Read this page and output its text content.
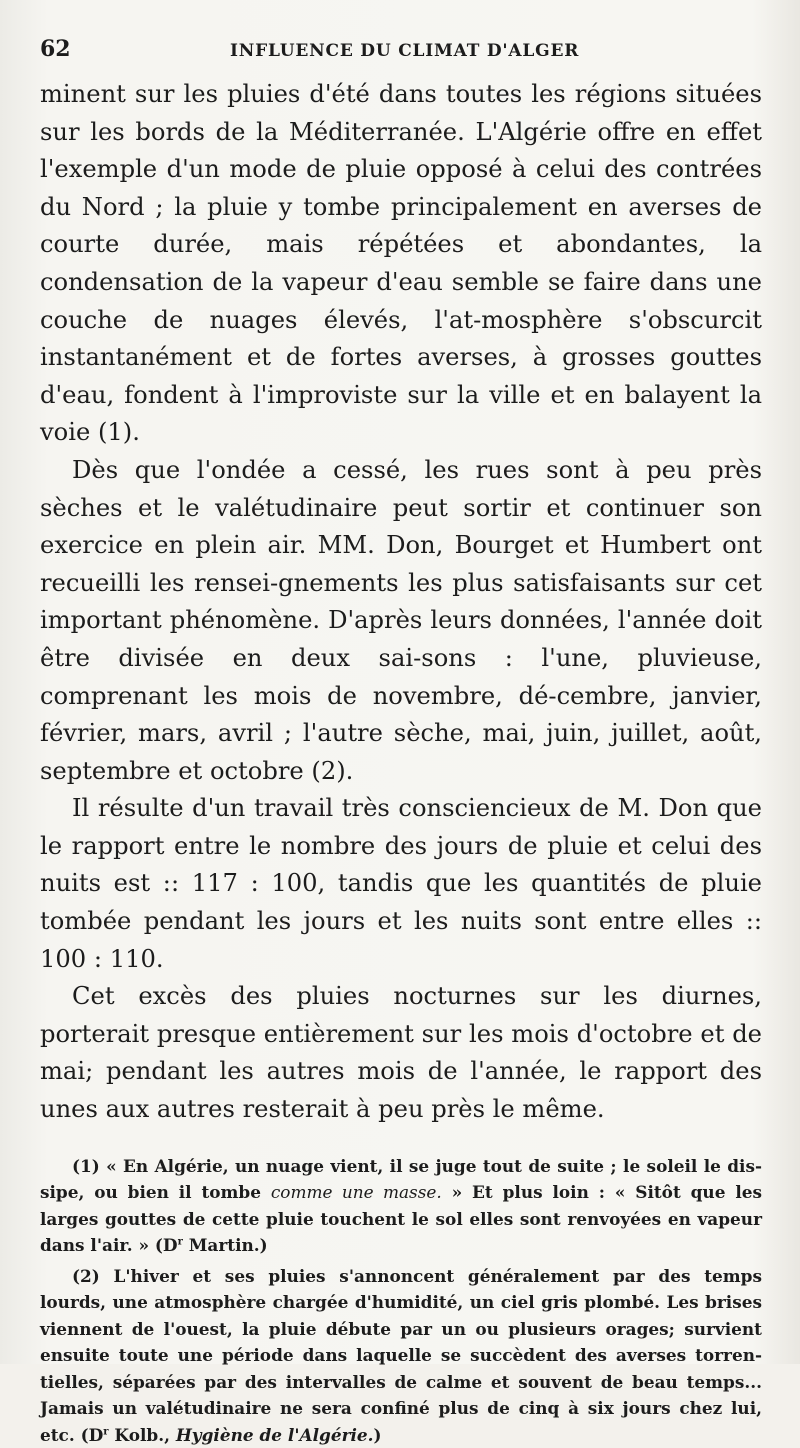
62	INFLUENCE DU CLIMAT D'ALGER

minent sur les pluies d'été dans toutes les régions situées sur les bords de la Méditerranée. L'Algérie offre en effet l'exemple d'un mode de pluie opposé à celui des contrées du Nord ; la pluie y tombe principalement en averses de courte durée, mais répétées et abondantes, la condensation de la vapeur d'eau semble se faire dans une couche de nuages élevés, l'at-mosphère s'obscurcit instantanément et de fortes averses, à grosses gouttes d'eau, fondent à l'improviste sur la ville et en balayent la voie (1).

Dès que l'ondée a cessé, les rues sont à peu près sèches et le valétudinaire peut sortir et continuer son exercice en plein air. MM. Don, Bourget et Humbert ont recueilli les rensei-gnements les plus satisfaisants sur cet important phénomène. D'après leurs données, l'année doit être divisée en deux sai-sons : l'une, pluvieuse, comprenant les mois de novembre, dé-cembre, janvier, février, mars, avril ; l'autre sèche, mai, juin, juillet, août, septembre et octobre (2).

Il résulte d'un travail très consciencieux de M. Don que le rapport entre le nombre des jours de pluie et celui des nuits est :: 117 : 100, tandis que les quantités de pluie tombée pendant les jours et les nuits sont entre elles :: 100 : 110.

Cet excès des pluies nocturnes sur les diurnes, porterait presque entièrement sur les mois d'octobre et de mai; pendant les autres mois de l'année, le rapport des unes aux autres resterait à peu près le même.

(1) « En Algérie, un nuage vient, il se juge tout de suite ; le soleil le dis-sipe, ou bien il tombe comme une masse. » Et plus loin : « Sitôt que les larges gouttes de cette pluie touchent le sol elles sont renvoyées en vapeur dans l'air. » ($D^r$ Martin.)

(2) L'hiver et ses pluies s'annoncent généralement par des temps lourds, une atmosphère chargée d'humidité, un ciel gris plombé. Les brises viennent de l'ouest, la pluie débute par un ou plusieurs orages; survient ensuite toute une période dans laquelle se succèdent des averses torren-tielles, séparées par des intervalles de calme et souvent de beau temps... Jamais un valétudinaire ne sera confiné plus de cinq à six jours chez lui, etc. ($D^r$ Kolb., Hygiène de l'Algérie.)
